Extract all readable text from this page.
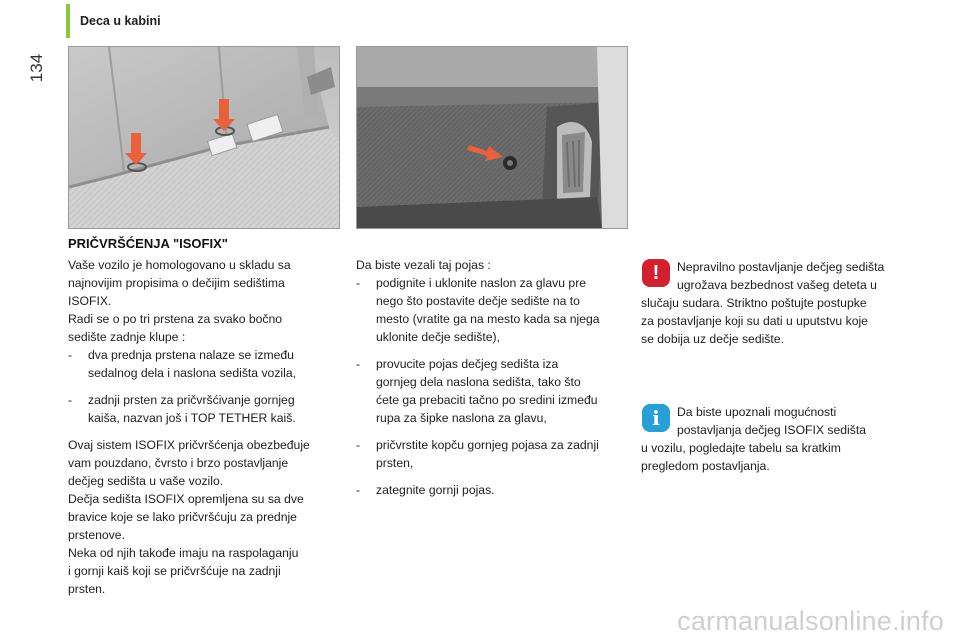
Deca u kabini
134
PRIČVRŠĆENJA "ISOFIX"

Vaše vozilo je homologovano u skladu sa

najnovijim propisima o dečijim sedištima

ISOFIX.

Radi se o po tri prstena za svako bočno

sedište zadnje klupe :

-	dva prednja prstena nalaze se između
sedalnog dela i naslona sedišta vozila,
-	zadnji prsten za pričvršćivanje gornjeg
kaiša, nazvan još i TOP TETHER kaiš.

Ovaj sistem ISOFIX pričvršćenja obezbeđuje

vam pouzdano, čvrsto i brzo postavljanje

dečjeg sedišta u vaše vozilo.

Dečja sedišta ISOFIX opremljena su sa dve

bravice koje se lako pričvršćuju za prednje

prstenove.

Neka od njih takođe imaju na raspolaganju

i gornji kaiš koji se pričvršćuje na zadnji

prsten.

Da biste vezali taj pojas :

-	podignite i uklonite naslon za glavu pre
nego što postavite dečje sedište na to
mesto (vratite ga na mesto kada sa njega
uklonite dečje sedište),
-	provucite pojas dečjeg sedišta iza
gornjeg dela naslona sedišta, tako što
ćete ga prebaciti tačno po sredini između
rupa za šipke naslona za glavu,
-	pričvrstite kopču gornjeg pojasa za zadnji
prsten,
-	zategnite gornji pojas.
!	Nepravilno postavljanje dečjeg sedišta

ugrožava bezbednost vašeg deteta u

slučaju sudara. Striktno poštujte postupke

za postavljanje koji su dati u uputstvu koje

se dobija uz dečje sedište.

i	Da biste upoznali mogućnosti

postavljanja dečjeg ISOFIX sedišta

u vozilu, pogledajte tabelu sa kratkim

pregledom postavljanja.

carmanualsonline.info
